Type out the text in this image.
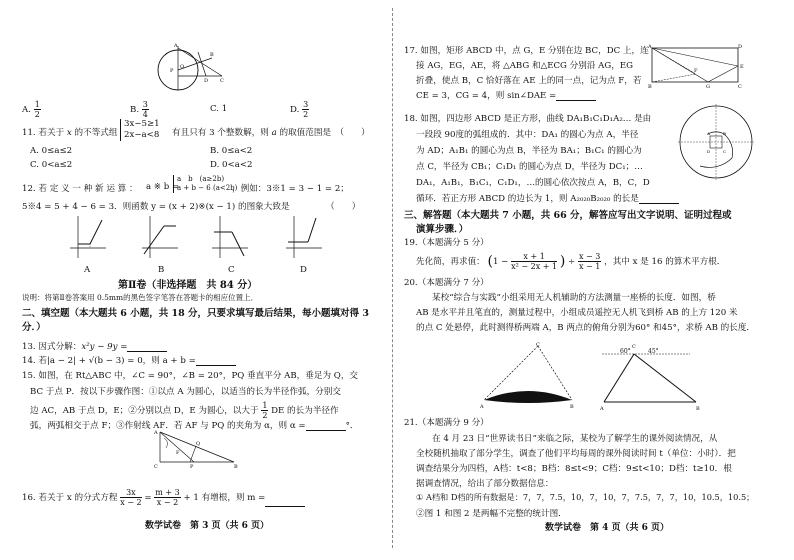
A
B
C
D
P
O
A. $\frac{1}{2}$	B. $\frac{3}{4}$	C. 1	D. $\frac{3}{2}$
11. 若关于 x 的不等式组
3x−5≥1
2x−a<8 有且只有 3 个整数解，则 a 的取值范围是　（　　）
A. 0≤a≤2	B. 0≤a<2
C. 0<a≤2	D. 0<a<2
12. 若 定 义 一 种 新 运 算 ： a ※ b =
a　b　(a≥2b)
a + b − 6 (a<2b)
，例如：3※1 = 3 − 1 = 2；
5※4 = 5 + 4 − 6 = 3．则函数 y = (x + 2)※(x − 1) 的图象大致是	（　　）
A	B	C	D
第Ⅱ卷（非选择题　共 84 分）
说明：将第Ⅱ卷答案用 0.5mm的黑色签字笔答在答题卡的相应位置上．
二、填空题（本大题共 6 小题，共 18 分，只要求填写最后结果，每小题填对得 3 分．）
13. 因式分解：x²y − 9y =
14. 若|a − 2| + √(b − 3) = 0，则 a + b =
15. 如图，在 Rt△ABC 中，∠C = 90°，∠B = 20°，PQ 垂直平分 AB，垂足为 Q，交
BC 于点 P．按以下步骤作图：①以点 A 为圆心，以适当的长为半径作弧，分别交
边 AC，AB 于点 D，E；②分别以点 D，E 为圆心，以大于 $\frac{1}{2}$ DE 的长为半径作
弧，两弧相交于点 F；③作射线 AF．若 AF 与 PQ 的夹角为 α，则 α =	°．
A
C	B
P
Q
F
16. 若关于 x 的分式方程 $\frac{3x}{x - 2} = \frac{m + 3}{x - 2} + 1$ 有增根，则 m =
数学试卷　第 3 页（共 6 页）
17. 如图，矩形 ABCD 中，点 G，E 分别在边 BC，DC 上，连
接 AG，EG，AE，将 △ABG 和△ECG 分别沿 AG，EG
折叠，使点 B，C 恰好落在 AE 上的同一点，记为点 F，若
CE = 3，CG = 4，则 sin∠DAE =
A	D
B	G	C
E
F
18. 如图，四边形 ABCD 是正方形，曲线 DA₁B₁C₁D₁A₂… 是由
一段段 90度的弧组成的．其中：DA₁ 的圆心为点 A，半径
为 AD；A₁B₁ 的圆心为点 B，半径为 BA₁；B₁C₁ 的圆心为
点 C，半径为 CB₁；C₁D₁ 的圆心为点 D，半径为 DC₁；…
DA₁，A₁B₁，B₁C₁，C₁D₁，…的圆心依次按点 A，B，C，D
循环．若正方形 ABCD 的边长为 1，则 A₂₀₂₀B₂₀₂₀ 的长是
A	B
C
D
三、解答题（本大题共 7 小题，共 66 分，解答应写出文字说明、证明过程或
演算步骤．）
19.（本题满分 5 分）
先化简，再求值： ($1 - \frac{x + 1}{\text{x² − 2x + 1}}$ ) ÷ $\frac{x - 3}{x - 1}$ ，其中 x 是 16 的算术平方根．
20.（本题满分 7 分）
某校“综合与实践”小组采用无人机辅助的方法测量一座桥的长度．如图，桥
AB 是水平并且笔直的，测量过程中，小组成员遥控无人机飞到桥 AB 的上方 120 米
的点 C 处悬停，此时测得桥两端 A，B 两点的俯角分别为60° 和45°，求桥 AB 的长度．
C
A	B
C
A	B
60°	45°
21.（本题满分 9 分）
在 4 月 23 日“世界读书日”来临之际，某校为了解学生的课外阅读情况，从
全校随机抽取了部分学生，调查了他们平均每周的课外阅读时间 t（单位：小时）．把
调查结果分为四档，A档：t<8；B档：8≤t<9；C档：9≤t<10；D档：t≥10．根
据调查情况，给出了部分数据信息：
① A档和 D档的所有数据是：7，7，7.5，10，7，10，7，7.5，7，7，10，10.5，10.5；
②图 1 和图 2 是两幅不完整的统计图．
数学试卷　第 4 页（共 6 页）
